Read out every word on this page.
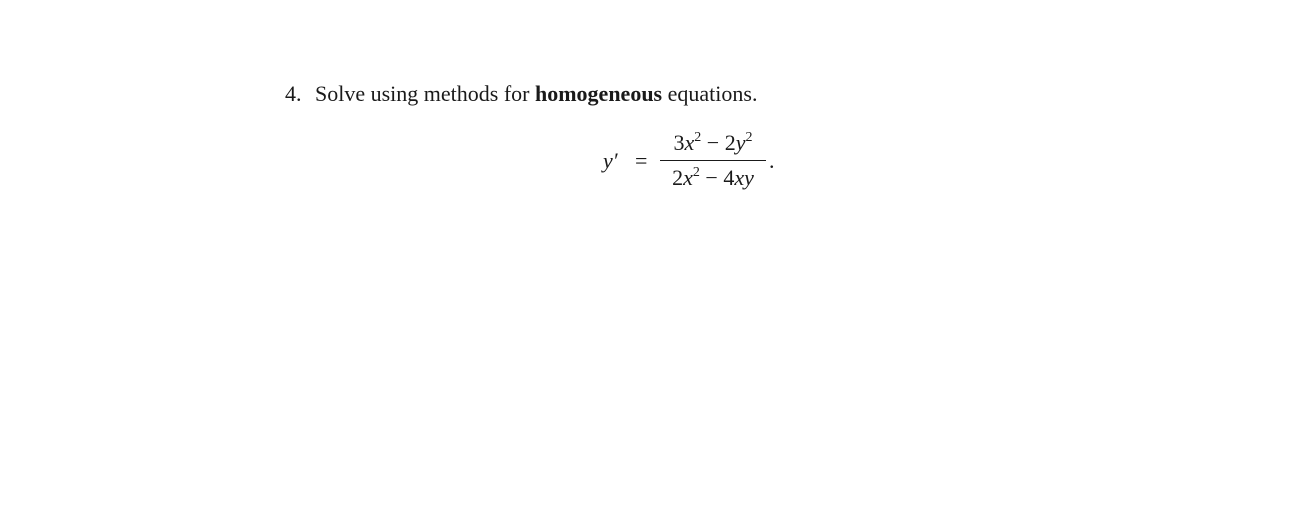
4. Solve using methods for homogeneous equations.
y′ =
$3x^2 - 2y^2$
$2x^2 - 4xy$
.
